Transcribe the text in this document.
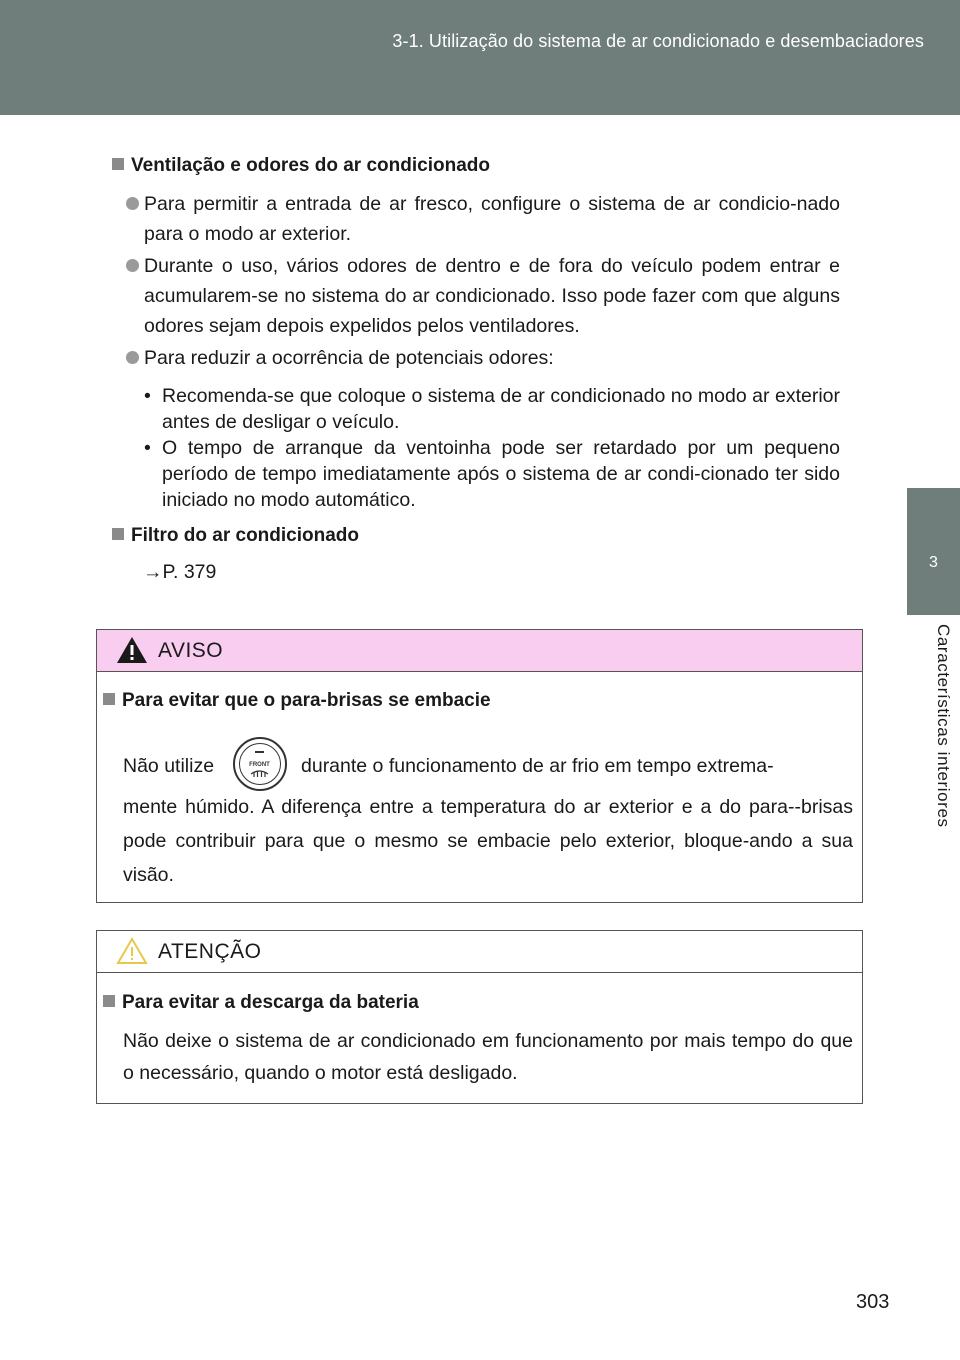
3-1. Utilização do sistema de ar condicionado e desembaciadores
3
Características interiores
Ventilação e odores do ar condicionado
Para permitir a entrada de ar fresco, configure o sistema de ar condicio-nado para o modo ar exterior.
Durante o uso, vários odores de dentro e de fora do veículo podem entrar e acumularem-se no sistema do ar condicionado. Isso pode fazer com que alguns odores sejam depois expelidos pelos ventiladores.
Para reduzir a ocorrência de potenciais odores:
• Recomenda-se que coloque o sistema de ar condicionado no modo ar exterior antes de desligar o veículo.
• O tempo de arranque da ventoinha pode ser retardado por um pequeno período de tempo imediatamente após o sistema de ar condi-cionado ter sido iniciado no modo automático.
Filtro do ar condicionado
→P. 379
AVISO
Para evitar que o para-brisas se embacie
Não utilize	FRONT durante o funcionamento de ar frio em tempo extrema-
mente húmido. A diferença entre a temperatura do ar exterior e a do para--brisas pode contribuir para que o mesmo se embacie pelo exterior, bloque-ando a sua visão.
ATENÇÃO
Para evitar a descarga da bateria
Não deixe o sistema de ar condicionado em funcionamento por mais tempo do que o necessário, quando o motor está desligado.
303
